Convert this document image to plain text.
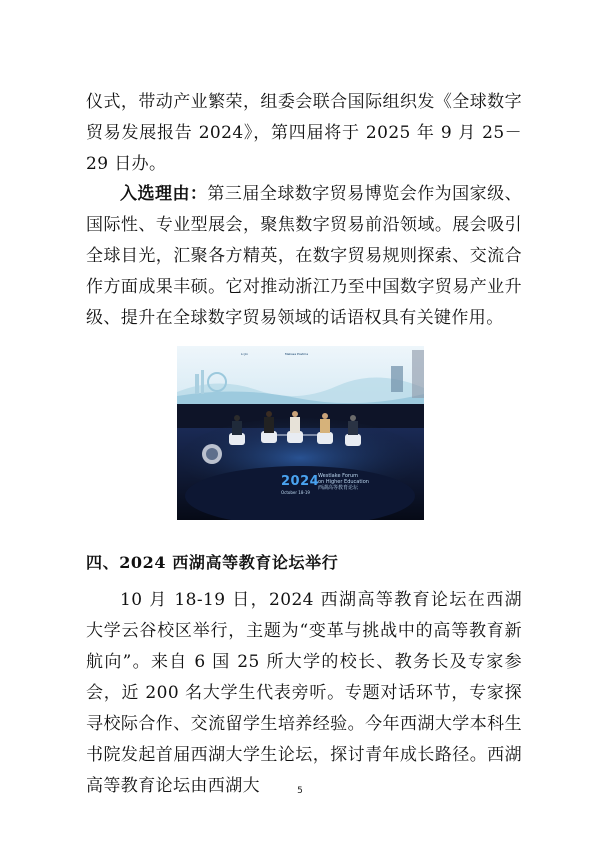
仪式，带动产业繁荣，组委会联合国际组织发《全球数字贸易发展报告 2024》，第四届将于 2025 年 9 月 25－29 日办。
入选理由：第三届全球数字贸易博览会作为国家级、国际性、专业型展会，聚焦数字贸易前沿领域。展会吸引全球目光，汇聚各方精英，在数字贸易规则探索、交流合作方面成果丰硕。它对推动浙江乃至中国数字贸易产业升级、提升在全球数字贸易领域的话语权具有关键作用。
Li Jin	Melissa Postma
2024
October 18-19
Westlake Forum
on Higher Education
西湖高等教育论坛
四、2024 西湖高等教育论坛举行
10 月 18-19 日，2024 西湖高等教育论坛在西湖大学云谷校区举行，主题为“变革与挑战中的高等教育新航向”。来自 6 国 25 所大学的校长、教务长及专家参会，近 200 名大学生代表旁听。专题对话环节，专家探寻校际合作、交流留学生培养经验。今年西湖大学本科生书院发起首届西湖大学生论坛，探讨青年成长路径。西湖高等教育论坛由西湖大	5
